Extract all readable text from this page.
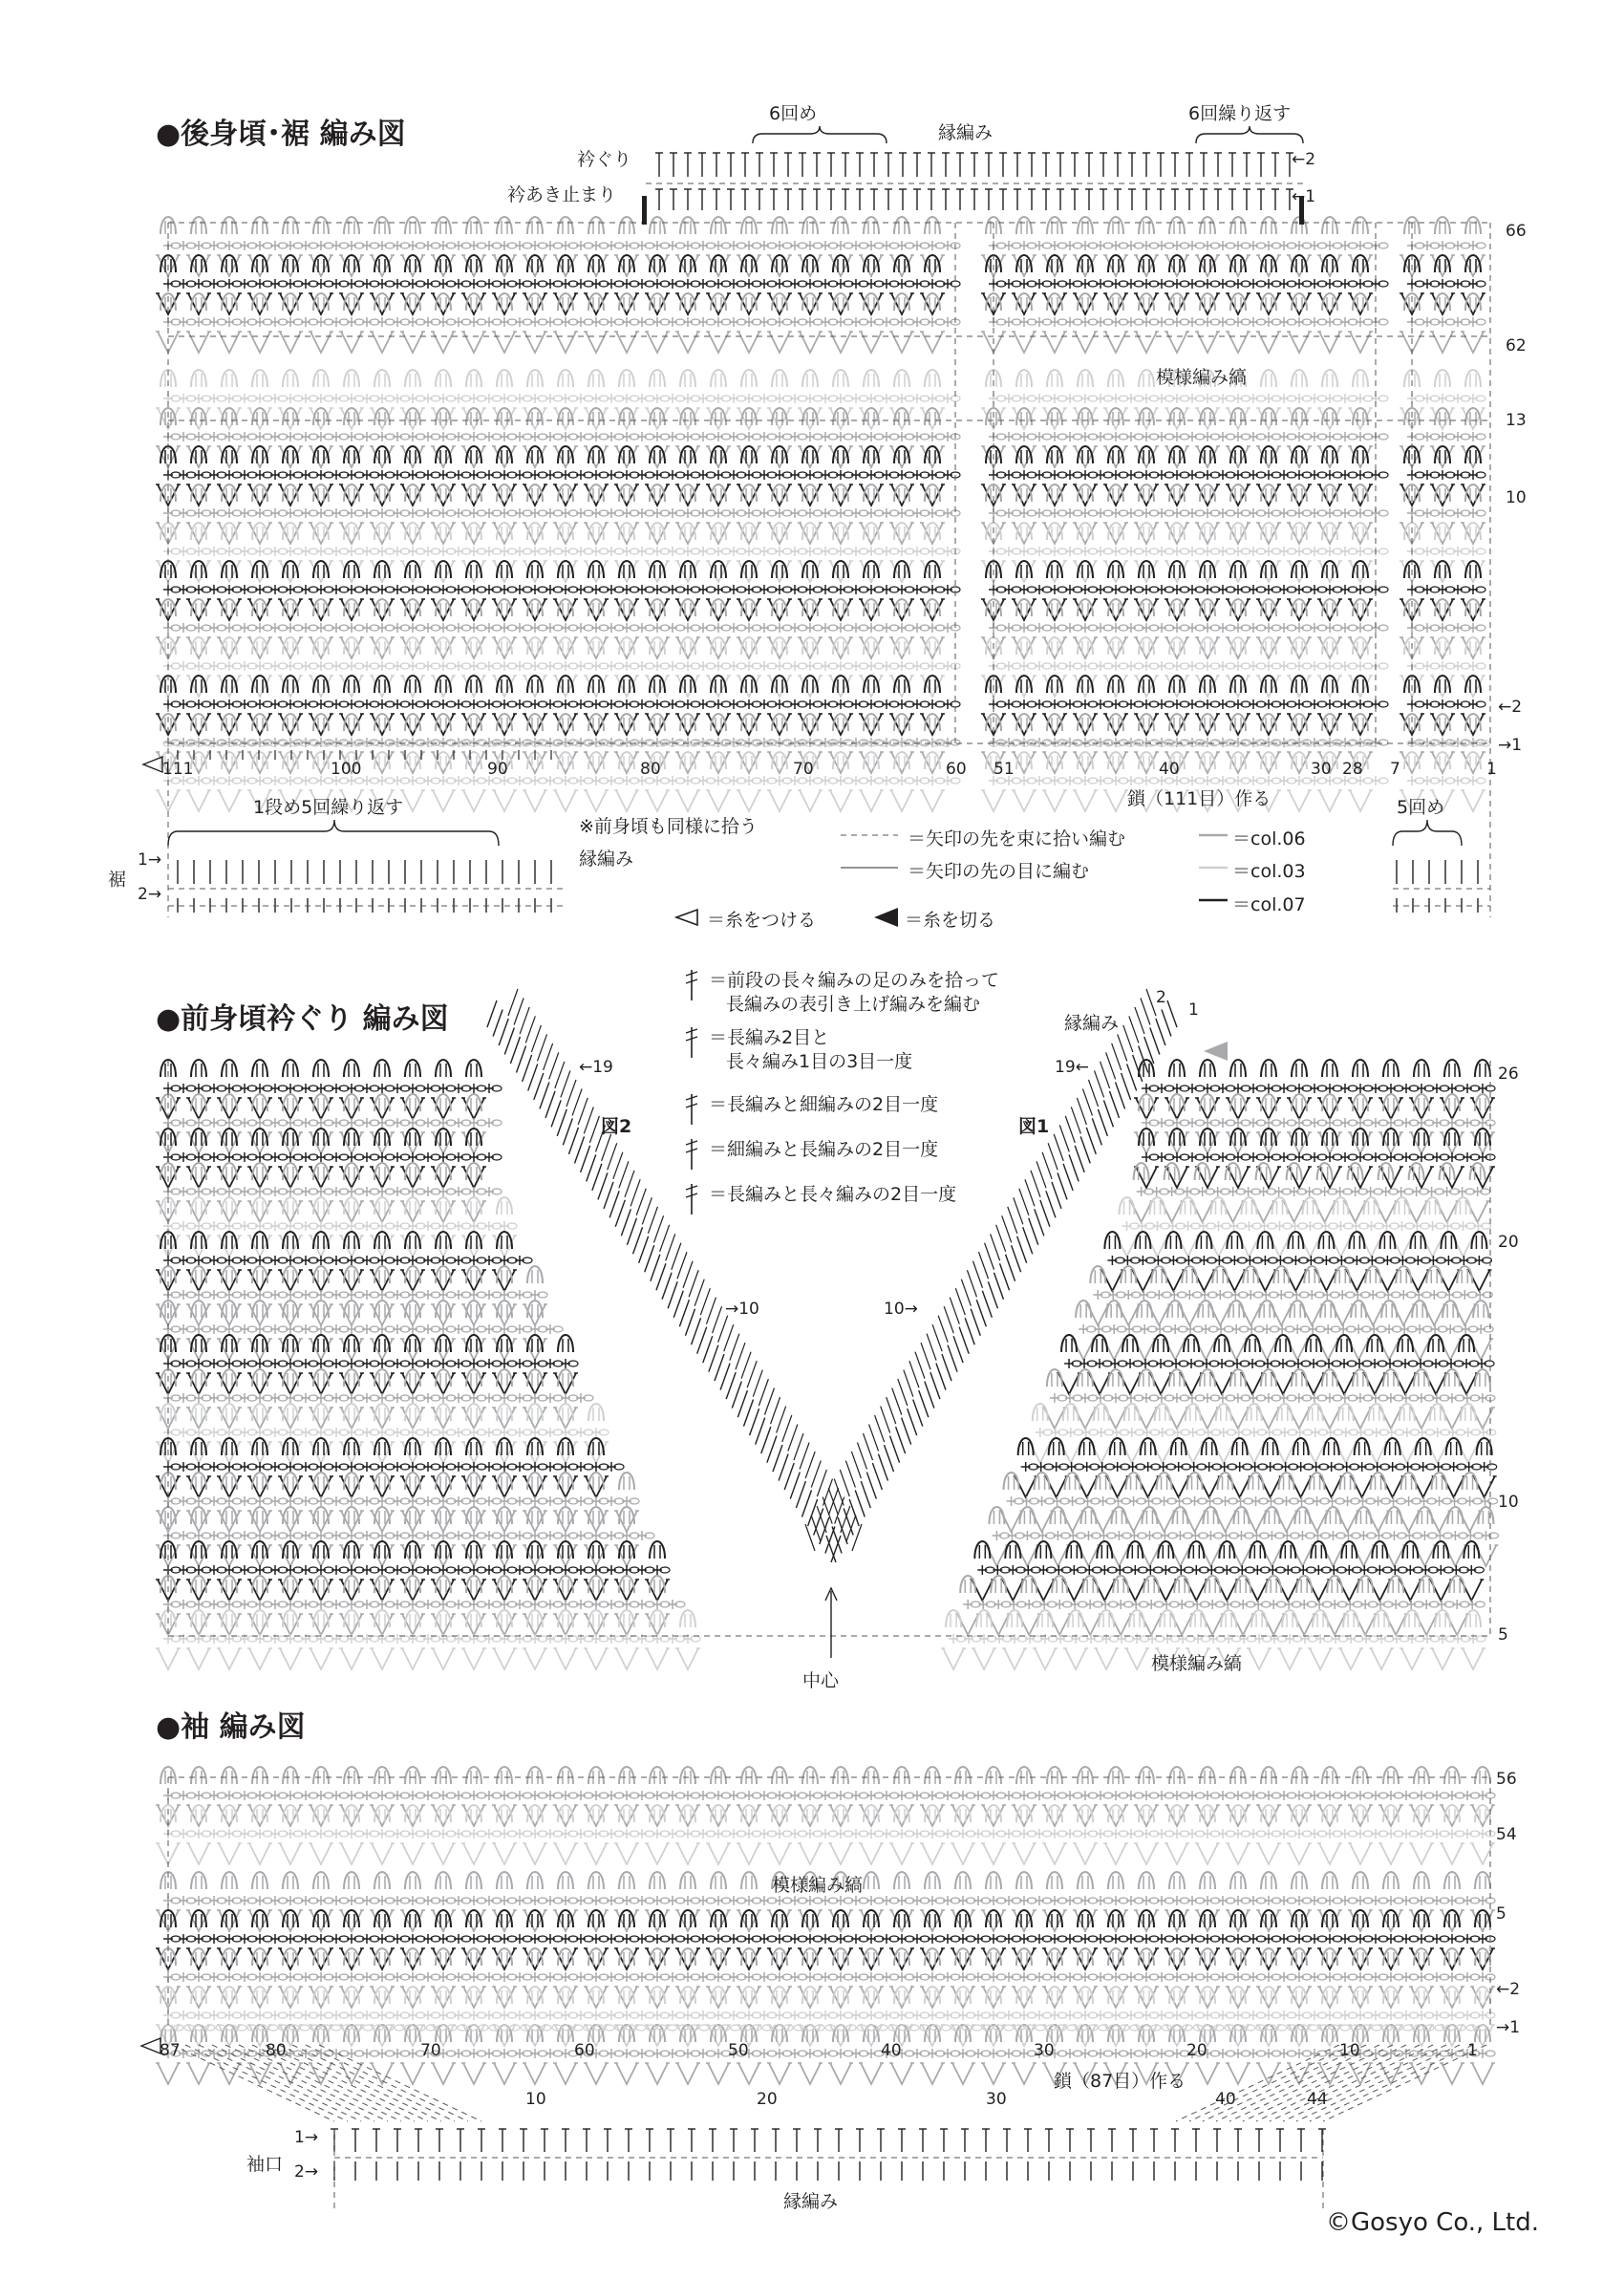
●後身頃･裾 編み図
6回め
縁編み
6回繰り返す
衿ぐり
衿あき止まり
←2
←1
66
62
13
10
←2
→1
模様編み縞
111	100	90	80	70	60 51	40	30 28 7	1
鎖（111目）作る
1段め5回繰り返す
※前身頃も同様に拾う
縁編み
5回め
裾
1→
2→
＝矢印の先を束に拾い編む
＝矢印の先の目に編む
＝col.06
＝col.03
＝col.07
＝糸をつける	＝糸を切る
●前身頃衿ぐり 編み図
＝前段の長々編みの足のみを拾って
長編みの表引き上げ編みを編む
＝長編み2目と
長々編み1目の3目一度
＝長編みと細編みの2目一度
＝細編みと長編みの2目一度
＝長編みと長々編みの2目一度
図2	図1
←19
→10	10→
19←
縁編み
2
1
26
20
10
5
中心
模様編み縞
●袖 編み図
56
54
5
←2
→1
模様編み縞
87	80	70	60	50	40	30	20	10	1
鎖（87目）作る
袖口
1→
2→
10	20	30	40	44
縁編み
©Gosyo Co., Ltd.
